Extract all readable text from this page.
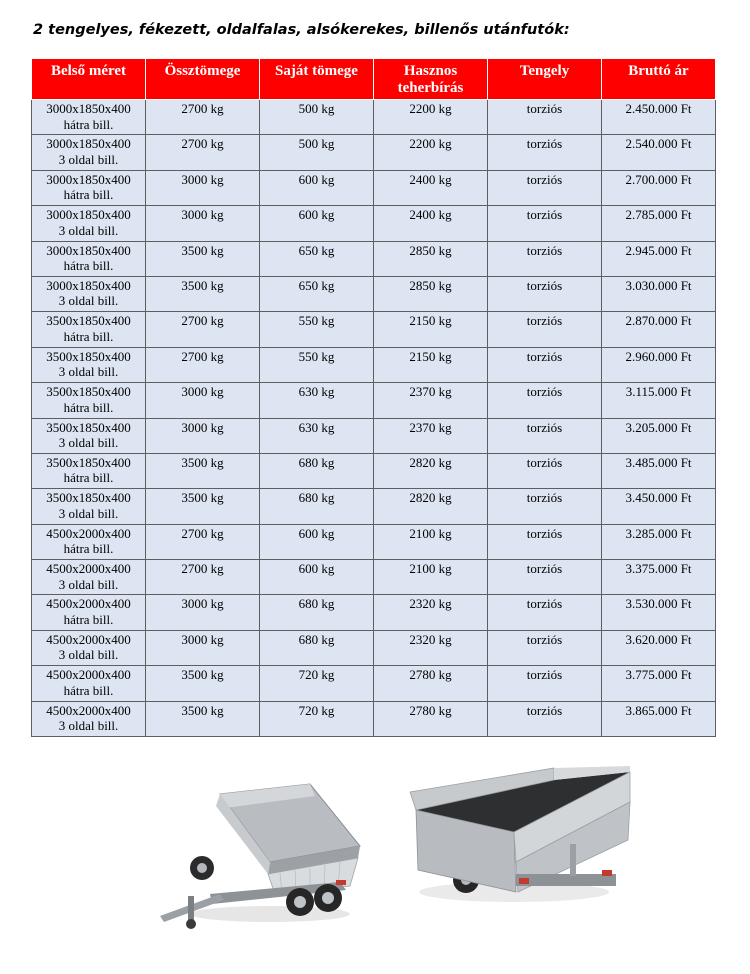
2 tengelyes, fékezett, oldalfalas, alsókerekes, billenős utánfutók:
Belső méret	Össztömege	Saját tömege	Hasznos teherbírás	Tengely	Bruttó ár

3000x1850x400
hátra bill.	2700 kg	500 kg	2200 kg	torziós	2.450.000 Ft

3000x1850x400
3 oldal bill.	2700 kg	500 kg	2200 kg	torziós	2.540.000 Ft

3000x1850x400
hátra bill.	3000 kg	600 kg	2400 kg	torziós	2.700.000 Ft

3000x1850x400
3 oldal bill.	3000 kg	600 kg	2400 kg	torziós	2.785.000 Ft

3000x1850x400
hátra bill.	3500 kg	650 kg	2850 kg	torziós	2.945.000 Ft

3000x1850x400
3 oldal bill.	3500 kg	650 kg	2850 kg	torziós	3.030.000 Ft

3500x1850x400
hátra bill.	2700 kg	550 kg	2150 kg	torziós	2.870.000 Ft

3500x1850x400
3 oldal bill.	2700 kg	550 kg	2150 kg	torziós	2.960.000 Ft

3500x1850x400
hátra bill.	3000 kg	630 kg	2370 kg	torziós	3.115.000 Ft

3500x1850x400
3 oldal bill.	3000 kg	630 kg	2370 kg	torziós	3.205.000 Ft

3500x1850x400
hátra bill.	3500 kg	680 kg	2820 kg	torziós	3.485.000 Ft

3500x1850x400
3 oldal bill.	3500 kg	680 kg	2820 kg	torziós	3.450.000 Ft

4500x2000x400
hátra bill.	2700 kg	600 kg	2100 kg	torziós	3.285.000 Ft

4500x2000x400
3 oldal bill.	2700 kg	600 kg	2100 kg	torziós	3.375.000 Ft

4500x2000x400
hátra bill.	3000 kg	680 kg	2320 kg	torziós	3.530.000 Ft

4500x2000x400
3 oldal bill.	3000 kg	680 kg	2320 kg	torziós	3.620.000 Ft

4500x2000x400
hátra bill.	3500 kg	720 kg	2780 kg	torziós	3.775.000 Ft

4500x2000x400
3 oldal bill.	3500 kg	720 kg	2780 kg	torziós	3.865.000 Ft
